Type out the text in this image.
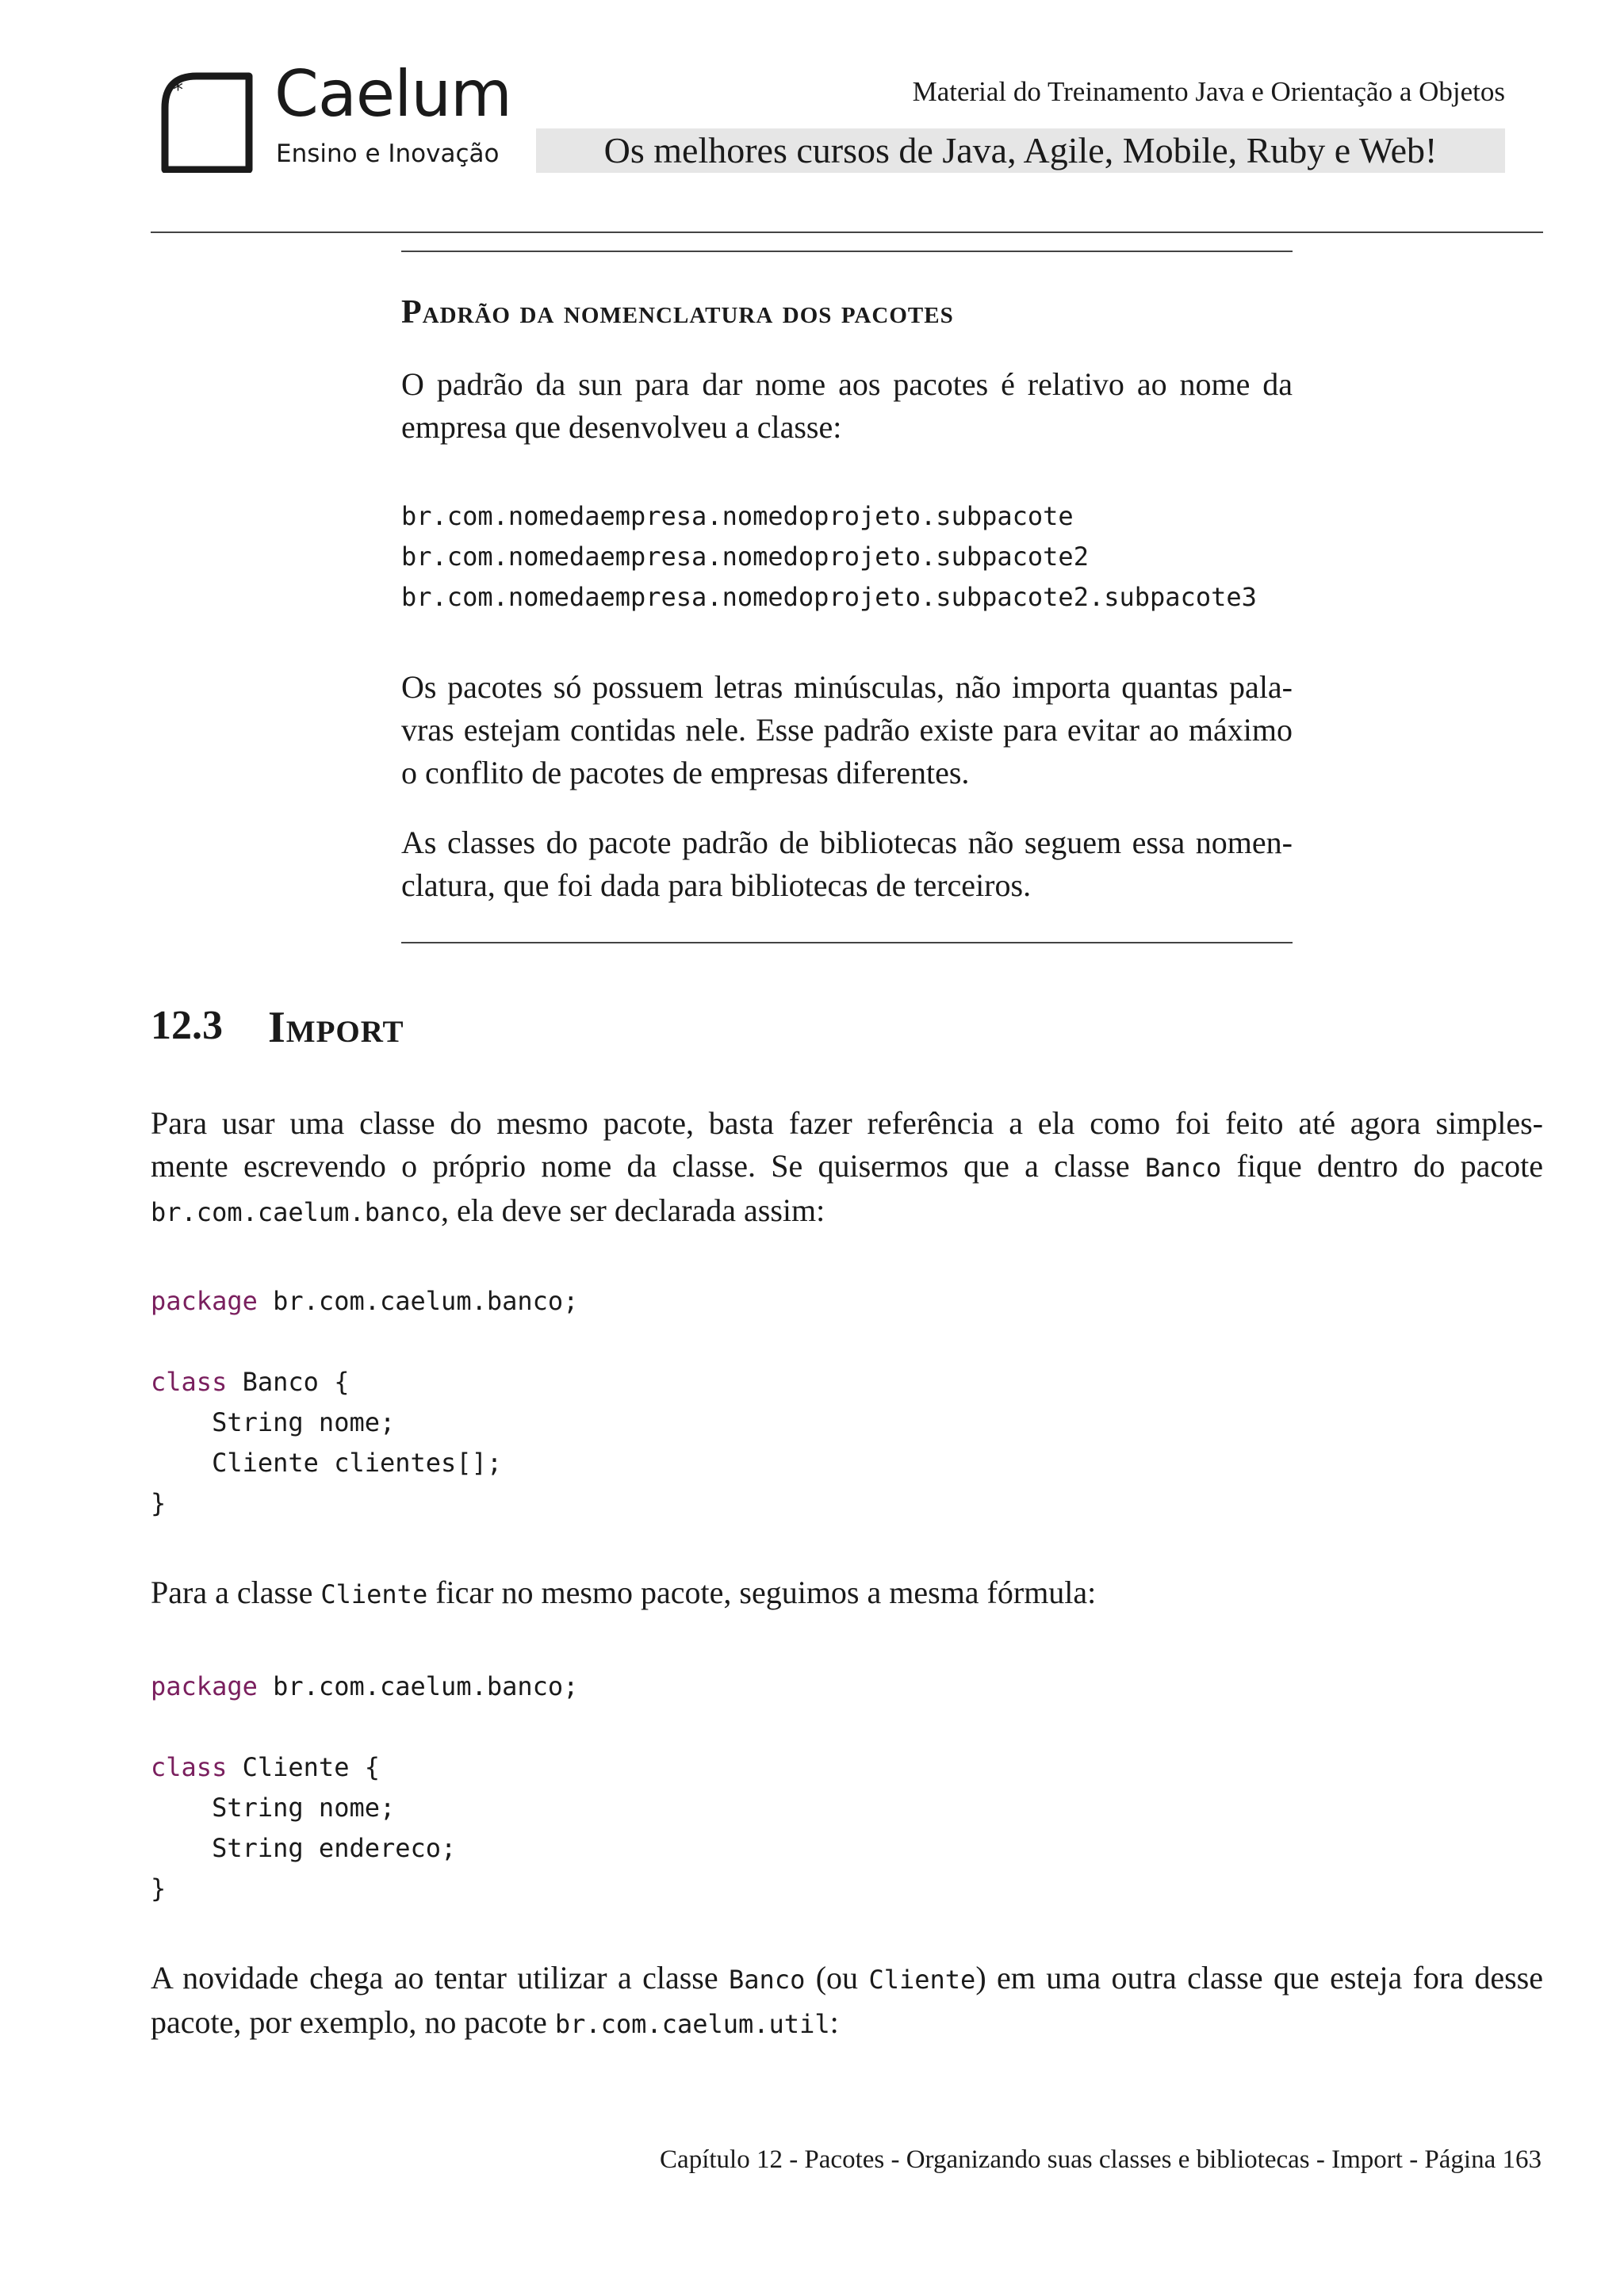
* Caelum
Ensino e Inovação
Material do Treinamento Java e Orientação a Objetos
Os melhores cursos de Java, Agile, Mobile, Ruby e Web!
Padrão da nomenclatura dos pacotes
O padrão da sun para dar nome aos pacotes é relativo ao nome da
empresa que desenvolveu a classe:
br.com.nomedaempresa.nomedoprojeto.subpacote
br.com.nomedaempresa.nomedoprojeto.subpacote2
br.com.nomedaempresa.nomedoprojeto.subpacote2.subpacote3
Os pacotes só possuem letras minúsculas, não importa quantas pala-
vras estejam contidas nele. Esse padrão existe para evitar ao máximo
o conflito de pacotes de empresas diferentes.
As classes do pacote padrão de bibliotecas não seguem essa nomen-
clatura, que foi dada para bibliotecas de terceiros.
12.3 Import
Para usar uma classe do mesmo pacote, basta fazer referência a ela como foi feito até agora simples-
mente escrevendo o próprio nome da classe. Se quisermos que a classe Banco fique dentro do pacote
br.com.caelum.banco, ela deve ser declarada assim:
package br.com.caelum.banco;

class Banco {
String nome;
Cliente clientes[];
}
Para a classe Cliente ficar no mesmo pacote, seguimos a mesma fórmula:
package br.com.caelum.banco;

class Cliente {
String nome;
String endereco;
}
A novidade chega ao tentar utilizar a classe Banco (ou Cliente) em uma outra classe que esteja fora desse
pacote, por exemplo, no pacote br.com.caelum.util:
Capítulo 12 - Pacotes - Organizando suas classes e bibliotecas - Import - Página 163
